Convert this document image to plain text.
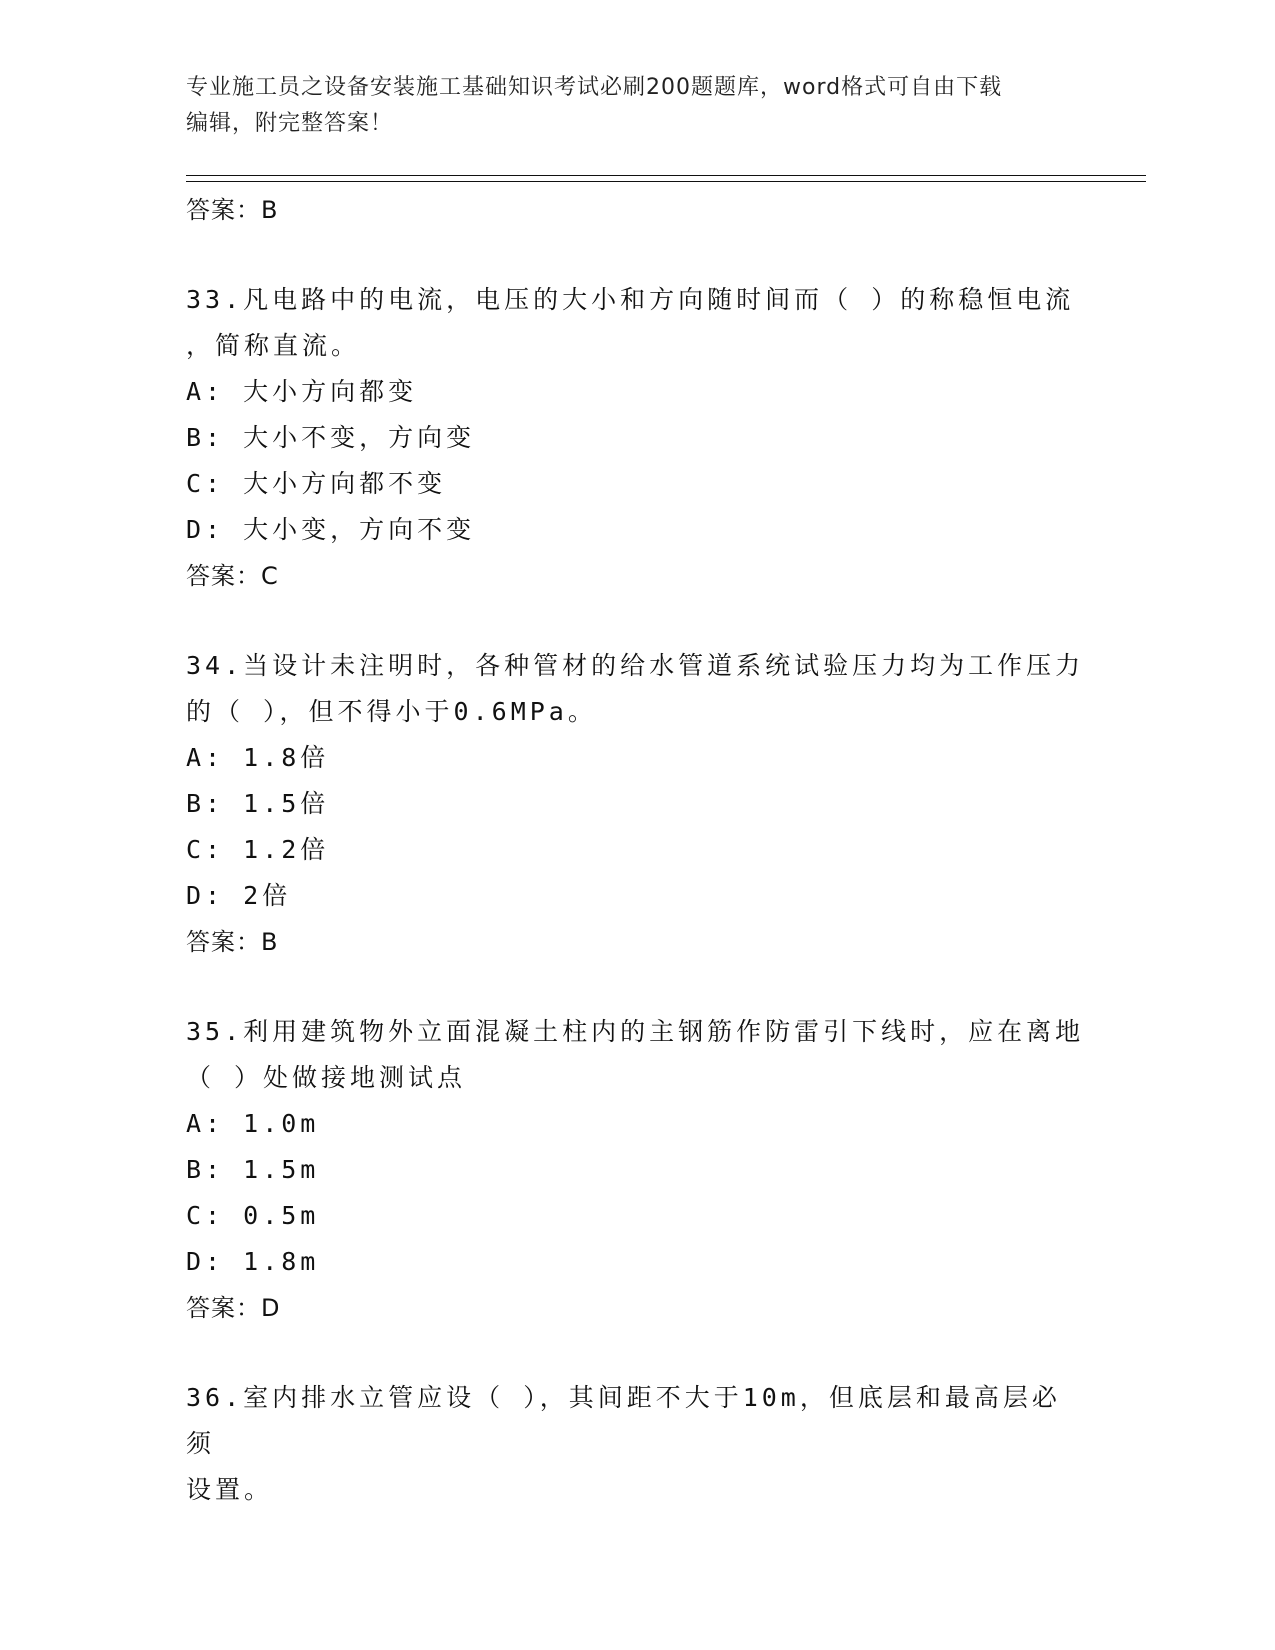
专业施工员之设备安装施工基础知识考试必刷200题题库，word格式可自由下载
编辑，附完整答案！
答案：B
33.凡电路中的电流，电压的大小和方向随时间而（ ）的称稳恒电流
，简称直流。
A: 大小方向都变
B: 大小不变，方向变
C: 大小方向都不变
D: 大小变，方向不变
答案：C
34.当设计未注明时，各种管材的给水管道系统试验压力均为工作压力
的（ ），但不得小于0.6MPa。
A: 1.8倍
B: 1.5倍
C: 1.2倍
D: 2倍
答案：B
35.利用建筑物外立面混凝土柱内的主钢筋作防雷引下线时，应在离地
（ ）处做接地测试点
A: 1.0m
B: 1.5m
C: 0.5m
D: 1.8m
答案：D
36.室内排水立管应设（ ），其间距不大于10m，但底层和最高层必须
设置。
